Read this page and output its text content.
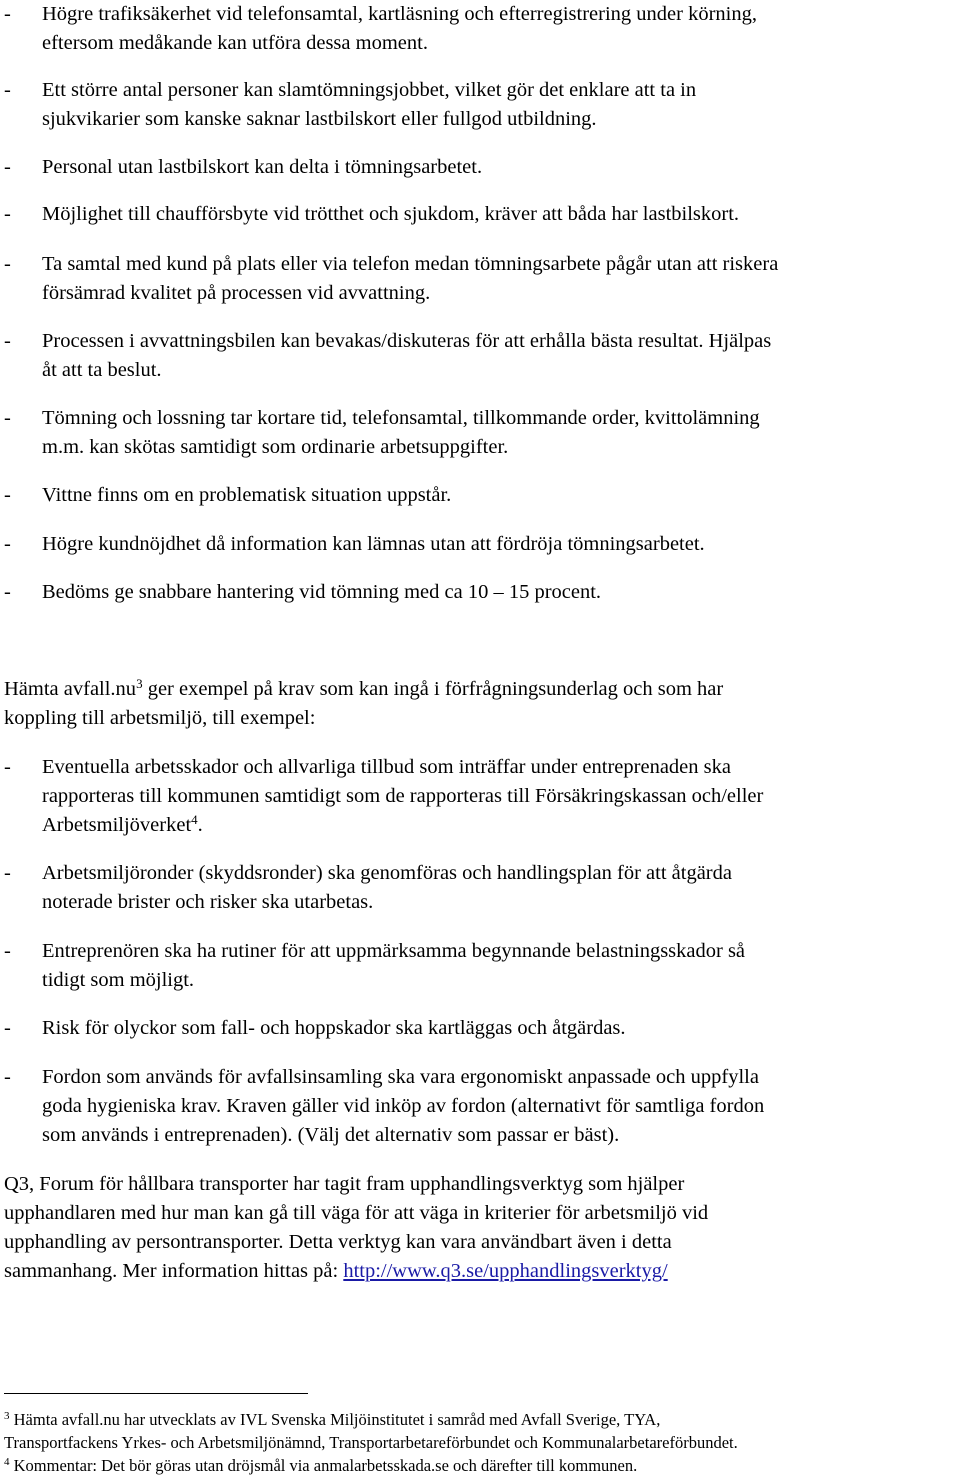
- Högre trafiksäkerhet vid telefonsamtal, kartläsning och efterregistrering under körning,
eftersom medåkande kan utföra dessa moment.
- Ett större antal personer kan slamtömningsjobbet, vilket gör det enklare att ta in
sjukvikarier som kanske saknar lastbilskort eller fullgod utbildning.
- Personal utan lastbilskort kan delta i tömningsarbetet.
- Möjlighet till chaufförsbyte vid trötthet och sjukdom, kräver att båda har lastbilskort.
- Ta samtal med kund på plats eller via telefon medan tömningsarbete pågår utan att riskera
försämrad kvalitet på processen vid avvattning.
- Processen i avvattningsbilen kan bevakas/diskuteras för att erhålla bästa resultat. Hjälpas
åt att ta beslut.
- Tömning och lossning tar kortare tid, telefonsamtal, tillkommande order, kvittolämning
m.m. kan skötas samtidigt som ordinarie arbetsuppgifter.
- Vittne finns om en problematisk situation uppstår.
- Högre kundnöjdhet då information kan lämnas utan att fördröja tömningsarbetet.
- Bedöms ge snabbare hantering vid tömning med ca 10 – 15 procent.
Hämta $avfall.nu^3$ ger exempel på krav som kan ingå i förfrågningsunderlag och som har
koppling till arbetsmiljö, till exempel:
- Eventuella arbetsskador och allvarliga tillbud som inträffar under entreprenaden ska
rapporteras till kommunen samtidigt som de rapporteras till Försäkringskassan och/eller
Arbetsmiljöverket$^4$.
- Arbetsmiljöronder (skyddsronder) ska genomföras och handlingsplan för att åtgärda
noterade brister och risker ska utarbetas.
- Entreprenören ska ha rutiner för att uppmärksamma begynnande belastningsskador så
tidigt som möjligt.
- Risk för olyckor som fall- och hoppskador ska kartläggas och åtgärdas.
- Fordon som används för avfallsinsamling ska vara ergonomiskt anpassade och uppfylla
goda hygieniska krav. Kraven gäller vid inköp av fordon (alternativt för samtliga fordon
som används i entreprenaden). (Välj det alternativ som passar er bäst).
Q3, Forum för hållbara transporter har tagit fram upphandlingsverktyg som hjälper
upphandlaren med hur man kan gå till väga för att väga in kriterier för arbetsmiljö vid
upphandling av persontransporter. Detta verktyg kan vara användbart även i detta
sammanhang. Mer information hittas på: http://www.q3.se/upphandlingsverktyg/
$^3$ Hämta avfall.nu har utvecklats av IVL Svenska Miljöinstitutet i samråd med Avfall Sverige, TYA,
Transportfackens Yrkes- och Arbetsmiljönämnd, Transportarbetareförbundet och Kommunalarbetareförbundet.
$^4$ Kommentar: Det bör göras utan dröjsmål via anmalarbetsskada.se och därefter till kommunen.
